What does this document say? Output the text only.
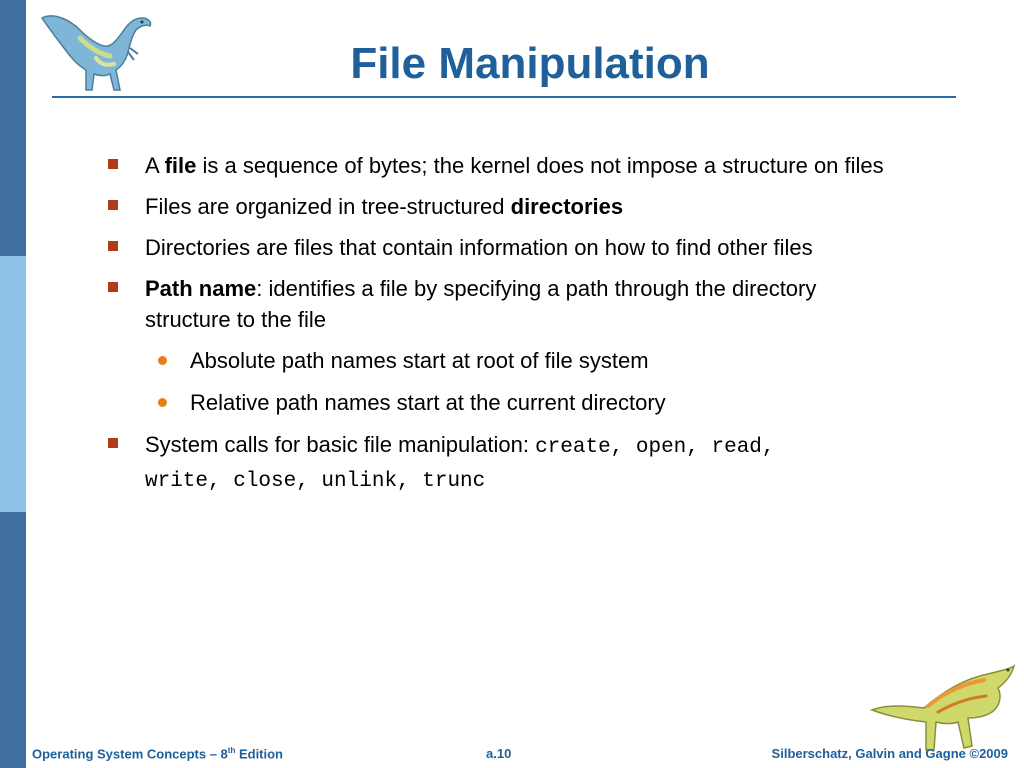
File Manipulation
A file is a sequence of bytes; the kernel does not impose a structure on files
Files are organized in tree-structured directories
Directories are files that contain information on how to find other files
Path name: identifies a file by specifying a path through the directory structure to the file
Absolute path names start at root of file system
Relative path names start at the current directory
System calls for basic file manipulation: create, open, read,
write, close, unlink, trunc
Operating System Concepts – 8th Edition	a.10	Silberschatz, Galvin and Gagne ©2009
